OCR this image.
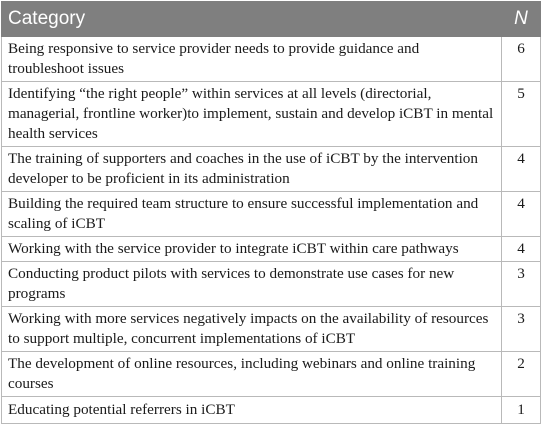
Category	N
Being responsive to service provider needs to provide guidance and troubleshoot issues	6
Identifying “the right people” within services at all levels (directorial, managerial, frontline worker)to implement, sustain and develop iCBT in mental health services	5
The training of supporters and coaches in the use of iCBT by the intervention developer to be proficient in its administration	4
Building the required team structure to ensure successful implementation and scaling of iCBT	4
Working with the service provider to integrate iCBT within care pathways	4
Conducting product pilots with services to demonstrate use cases for new programs	3
Working with more services negatively impacts on the availability of resources to support multiple, concurrent implementations of iCBT	3
The development of online resources, including webinars and online training courses	2
Educating potential referrers in iCBT	1
